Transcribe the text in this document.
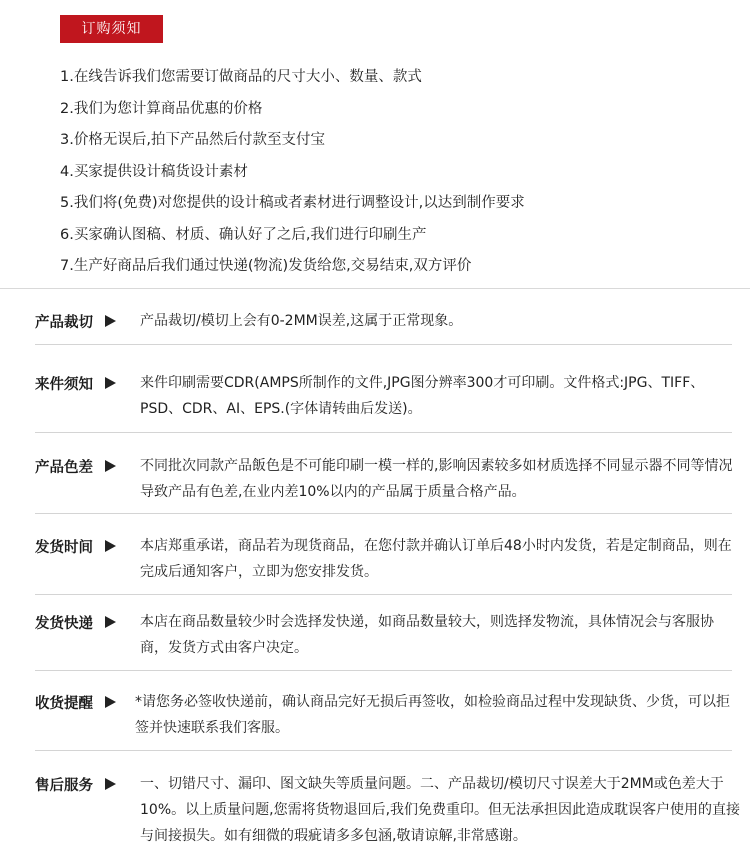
订购须知
1.在线告诉我们您需要订做商品的尺寸大小、数量、款式
2.我们为您计算商品优惠的价格
3.价格无误后,拍下产品然后付款至支付宝
4.买家提供设计稿货设计素材
5.我们将(免费)对您提供的设计稿或者素材进行调整设计,以达到制作要求
6.买家确认图稿、材质、确认好了之后,我们进行印刷生产
7.生产好商品后我们通过快递(物流)发货给您,交易结束,双方评价
产品裁切	产品裁切/模切上会有0-2MM误差,这属于正常现象。
来件须知	来件印刷需要CDR(AMPS所制作的文件,JPG图分辨率300才可印刷。文件格式:JPG、TIFF、PSD、CDR、AI、EPS.(字体请转曲后发送)。
产品色差	不同批次同款产品飯色是不可能印刷一模一样的,影响因素较多如材质选择不同显示器不同等情况导致产品有色差,在业内差10%以内的产品属于质量合格产品。
发货时间	本店郑重承诺，商品若为现货商品，在您付款并确认订单后48小时内发货，若是定制商品，则在完成后通知客户，立即为您安排发货。
发货快递	本店在商品数量较少时会选择发快递，如商品数量较大，则选择发物流，具体情况会与客服协商，发货方式由客户决定。
收货提醒	*请您务必签收快递前，确认商品完好无损后再签收，如检验商品过程中发现缺货、少货，可以拒签并快速联系我们客服。
售后服务	一、切错尺寸、漏印、图文缺失等质量问题。二、产品裁切/模切尺寸误差大于2MM或色差大于10%。以上质量问题,您需将货物退回后,我们免费重印。但无法承担因此造成耽误客户使用的直接与间接损失。如有细微的瑕疵请多多包涵,敬请谅解,非常感谢。
